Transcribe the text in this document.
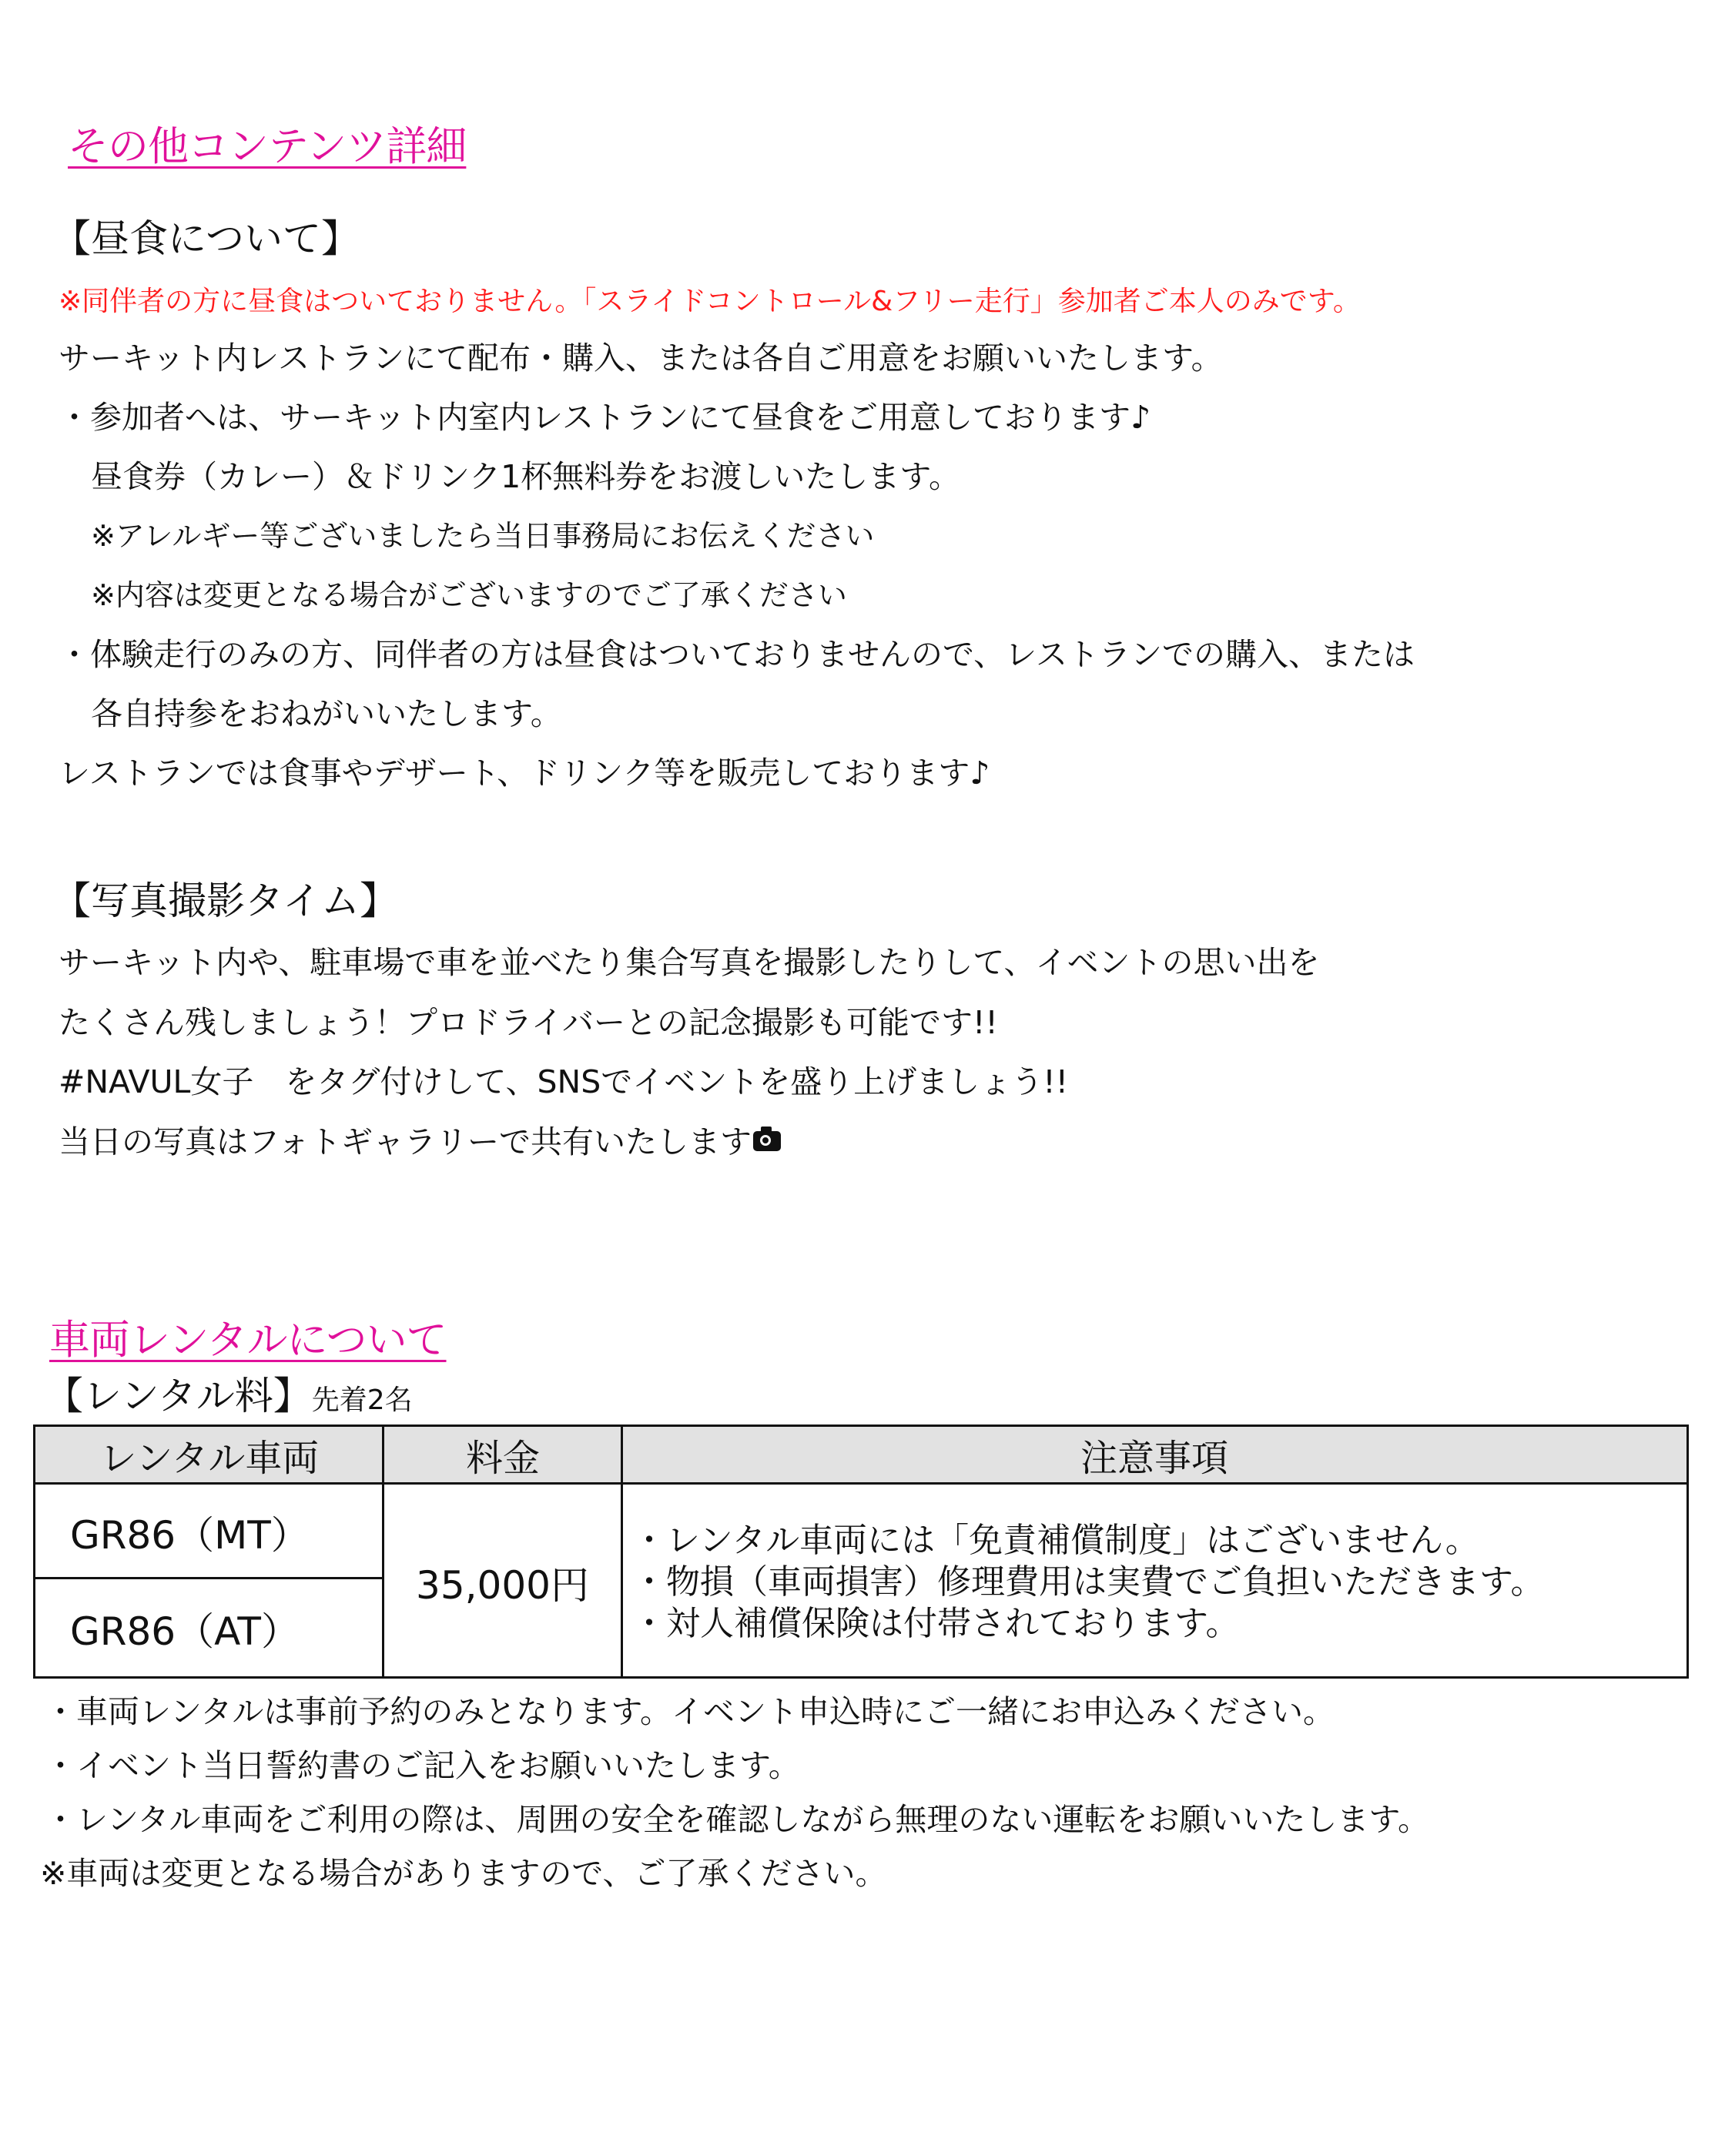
その他コンテンツ詳細
【昼食について】
※同伴者の方に昼食はついておりません。「スライドコントロール&フリー走行」参加者ご本人のみです。
サーキット内レストランにて配布・購入、または各自ご用意をお願いいたします。
・参加者へは、サーキット内室内レストランにて昼食をご用意しております♪
昼食券（カレー）＆ドリンク1杯無料券をお渡しいたします。
※アレルギー等ございましたら当日事務局にお伝えください
※内容は変更となる場合がございますのでご了承ください
・体験走行のみの方、同伴者の方は昼食はついておりませんので、レストランでの購入、または
各自持参をおねがいいたします。
レストランでは食事やデザート、ドリンク等を販売しております♪
【写真撮影タイム】
サーキット内や、駐車場で車を並べたり集合写真を撮影したりして、イベントの思い出を
たくさん残しましょう！プロドライバーとの記念撮影も可能です!!
#NAVUL女子　をタグ付けして、SNSでイベントを盛り上げましょう!!
当日の写真はフォトギャラリーで共有いたします
車両レンタルについて
【レンタル料】先着2名
レンタル車両	料金	注意事項
GR86（MT）
GR86（AT）
35,000円
・レンタル車両には「免責補償制度」はございません。
・物損（車両損害）修理費用は実費でご負担いただきます。
・対人補償保険は付帯されております。
・車両レンタルは事前予約のみとなります。イベント申込時にご一緒にお申込みください。
・イベント当日誓約書のご記入をお願いいたします。
・レンタル車両をご利用の際は、周囲の安全を確認しながら無理のない運転をお願いいたします。
※車両は変更となる場合がありますので、ご了承ください。
